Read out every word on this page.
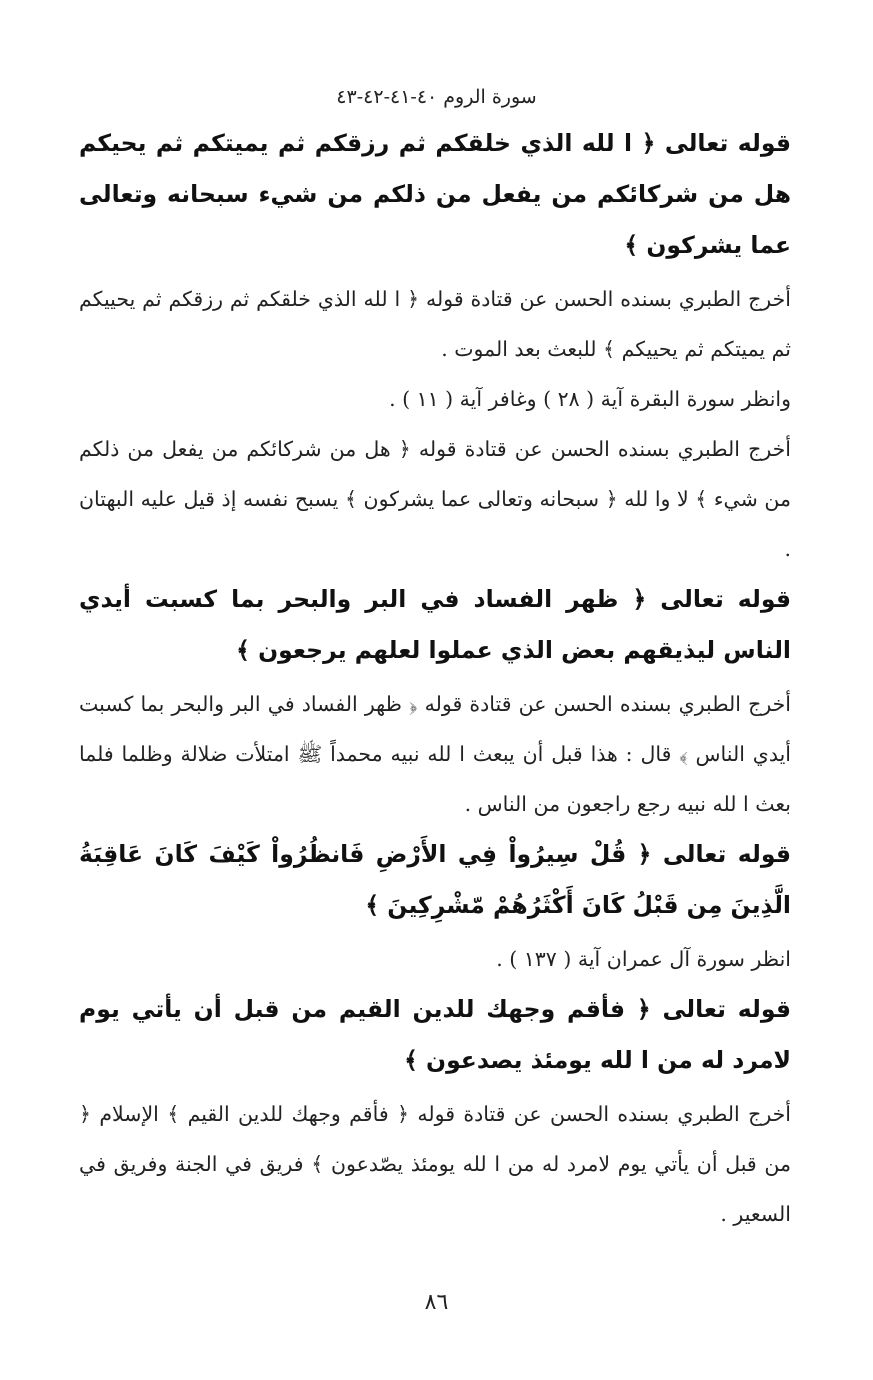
سورة الروم ٤٠-٤١-٤٢-٤٣

قوله تعالى ﴿ ا لله الذي خلقكم ثم رزقكم ثم يميتكم ثم يحيكم هل من شركائكم من يفعل من ذلكم من شيء سبحانه وتعالى عما يشركون ﴾

أخرج الطبري بسنده الحسن عن قتادة قوله ﴿ ا لله الذي خلقكم ثم رزقكم ثم يحييكم ثم يميتكم ثم يحييكم ﴾ للبعث بعد الموت .

وانظر سورة البقرة آية ( ٢٨ ) وغافر آية ( ١١ ) .

أخرج الطبري بسنده الحسن عن قتادة قوله ﴿ هل من شركائكم من يفعل من ذلكم من شيء ﴾ لا وا لله ﴿ سبحانه وتعالى عما يشركون ﴾ يسبح نفسه إذ قيل عليه البهتان .

قوله تعالى ﴿ ظهر الفساد في البر والبحر بما كسبت أيدي الناس ليذيقهم بعض الذي عملوا لعلهم يرجعون ﴾

أخرج الطبري بسنده الحسن عن قتادة قوله ﴿ ظهر الفساد في البر والبحر بما كسبت أيدي الناس ﴾ قال : هذا قبل أن يبعث ا لله نبيه محمداً ﷺ امتلأت ضلالة وظلما فلما بعث ا لله نبيه رجع راجعون من الناس .

قوله تعالى ﴿ قُلْ سِيرُواْ فِي الأَرْضِ فَانظُرُواْ كَيْفَ كَانَ عَاقِبَةُ الَّذِينَ مِن قَبْلُ كَانَ أَكْثَرُهُمْ مّشْرِكِينَ ﴾

انظر سورة آل عمران آية ( ١٣٧ ) .

قوله تعالى ﴿ فأقم وجهك للدين القيم من قبل أن يأتي يوم لامرد له من ا لله يومئذ يصدعون ﴾

أخرج الطبري بسنده الحسن عن قتادة قوله ﴿ فأقم وجهك للدين القيم ﴾ الإسلام ﴿ من قبل أن يأتي يوم لامرد له من ا لله يومئذ يصّدعون ﴾ فريق في الجنة وفريق في السعير .

٨٦
